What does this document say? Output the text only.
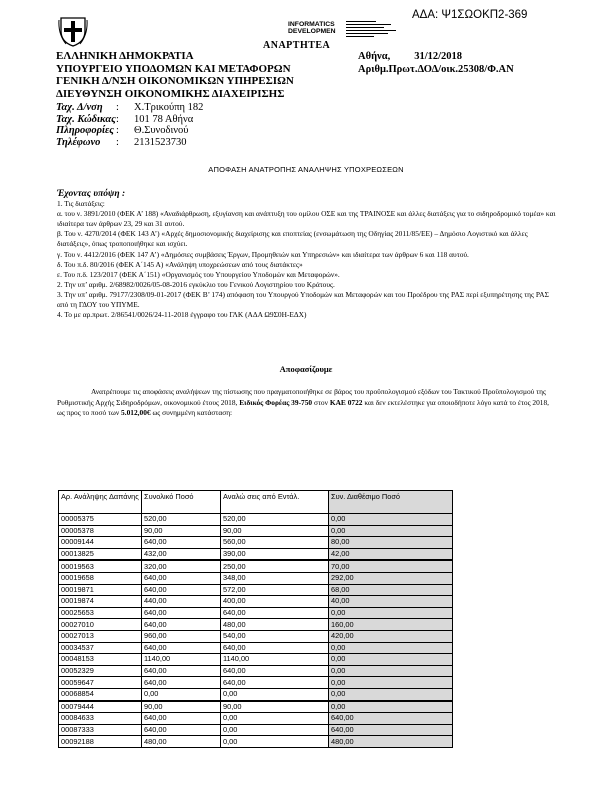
ΑΔΑ: Ψ1ΣΩΟΚΠ2-369
INFORMATICS
DEVELOPMEN
ΑΝΑΡΤΗΤΕΑ
ΕΛΛΗΝΙΚΗ ΔΗΜΟΚΡΑΤΙΑ
ΥΠΟΥΡΓΕΙΟ ΥΠΟΔΟΜΩΝ ΚΑΙ ΜΕΤΑΦΟΡΩΝ
ΓΕΝΙΚΗ Δ/ΝΣΗ ΟΙΚΟΝΟΜΙΚΩΝ ΥΠΗΡΕΣΙΩΝ
ΔΙΕΥΘΥΝΣΗ ΟΙΚΟΝΟΜΙΚΗΣ ΔΙΑΧΕΙΡΙΣΗΣ
Αθήνα, 31/12/2018
Αριθμ.Πρωτ.ΔΟΔ/οικ.25308/Φ.ΑΝ
Ταχ. Δ/νση	:	Χ.Τρικούπη 182
Ταχ. Κώδικας :	101 78 Αθήνα
Πληροφορίες :	Θ.Συνοδινού
Τηλέφωνο	:	2131523730
ΑΠΟΦΑΣΗ ΑΝΑΤΡΟΠΗΣ ΑΝΑΛΗΨΗΣ ΥΠΟΧΡΕΩΣΕΩΝ
Έχοντας υπόψη :
1. Τις διατάξεις:
α. του ν. 3891/2010 (ΦΕΚ Α’ 188) «Αναδιάρθρωση, εξυγίανση και ανάπτυξη του ομίλου ΟΣΕ και της ΤΡΑΙΝΟΣΕ και άλλες διατάξεις για το σιδηροδρομικό τομέα» και ιδιαίτερα των άρθρων 23, 29 και 31 αυτού.
β. Του ν. 4270/2014 (ΦΕΚ 143 Α’) «Αρχές δημοσιονομικής διαχείρισης και εποπτείας (ενσωμάτωση της Οδηγίας 2011/85/ΕΕ) – Δημόσιο Λογιστικό και άλλες διατάξεις», όπως τροποποιήθηκε και ισχύει.
γ. Του ν. 4412/2016 (ΦΕΚ 147 Α’) «Δημόσιες συμβάσεις Έργων, Προμηθειών και Υπηρεσιών» και ιδιαίτερα των άρθρων 6 και 118 αυτού.
δ. Του π.δ. 80/2016 (ΦΕΚ Α΄145 Α) «Ανάληψη υποχρεώσεων από τους διατάκτες»
ε. Του π.δ. 123/2017 (ΦΕΚ Α΄151) «Οργανισμός του Υπουργείου Υποδομών και Μεταφορών».
2. Την υπ’ αριθμ. 2/68982/0026/05-08-2016 εγκύκλιο του Γενικού Λογιστηρίου του Κράτους.
3. Την υπ’ αριθμ. 79177/2308/09-01-2017 (ΦΕΚ Β’ 174) απόφαση του Υπουργού Υποδομών και Μεταφορών και του Προέδρου της ΡΑΣ περί εξυπηρέτησης της ΡΑΣ από τη ΓΔΟΥ του ΥΠΥΜΕ.
4. Το με αρ.πρωτ. 2/86541/0026/24-11-2018 έγγραφο του ΓΛΚ (ΑΔΑ Ω9Σ0Η-ΕΔΧ)
Αποφασίζουμε
Ανατρέπουμε τις αποφάσεις αναλήψεων της πίστωσης που πραγματοποιήθηκε σε βάρος του προϋπολογισμού εξόδων του Τακτικού Προϋπολογισμού της Ρυθμιστικής Αρχής Σιδηροδρόμων, οικονομικού έτους 2018, Ειδικός Φορέας 39-750 στον ΚΑΕ 0722 και δεν εκτελέστηκε για οποιοδήποτε λόγο κατά το έτος 2018, ως προς το ποσό των 5.012,00€ ως συνημμένη κατάσταση:
Αρ. Ανάληψης Δαπάνης	Συνολικό Ποσό	Αναλώ σεις από Εντάλ.	Συν. Διαθέσιμο Ποσό
00005375	520,00	520,00	0,00
00005378	90,00	90,00	0,00
00009144	640,00	560,00	80,00
00013825	432,00	390,00	42,00
00019563	320,00	250,00	70,00
00019658	640,00	348,00	292,00
00019871	640,00	572,00	68,00
00019874	440,00	400,00	40,00
00025653	640,00	640,00	0,00
00027010	640,00	480,00	160,00
00027013	960,00	540,00	420,00
00034537	640,00	640,00	0,00
00048153	1140,00	1140,00	0,00
00052329	640,00	640,00	0,00
00059647	640,00	640,00	0,00
00068854	0,00	0,00	0,00
00079444	90,00	90,00	0,00
00084633	640,00	0,00	640,00
00087333	640,00	0,00	640,00
00092188	480,00	0,00	480,00
